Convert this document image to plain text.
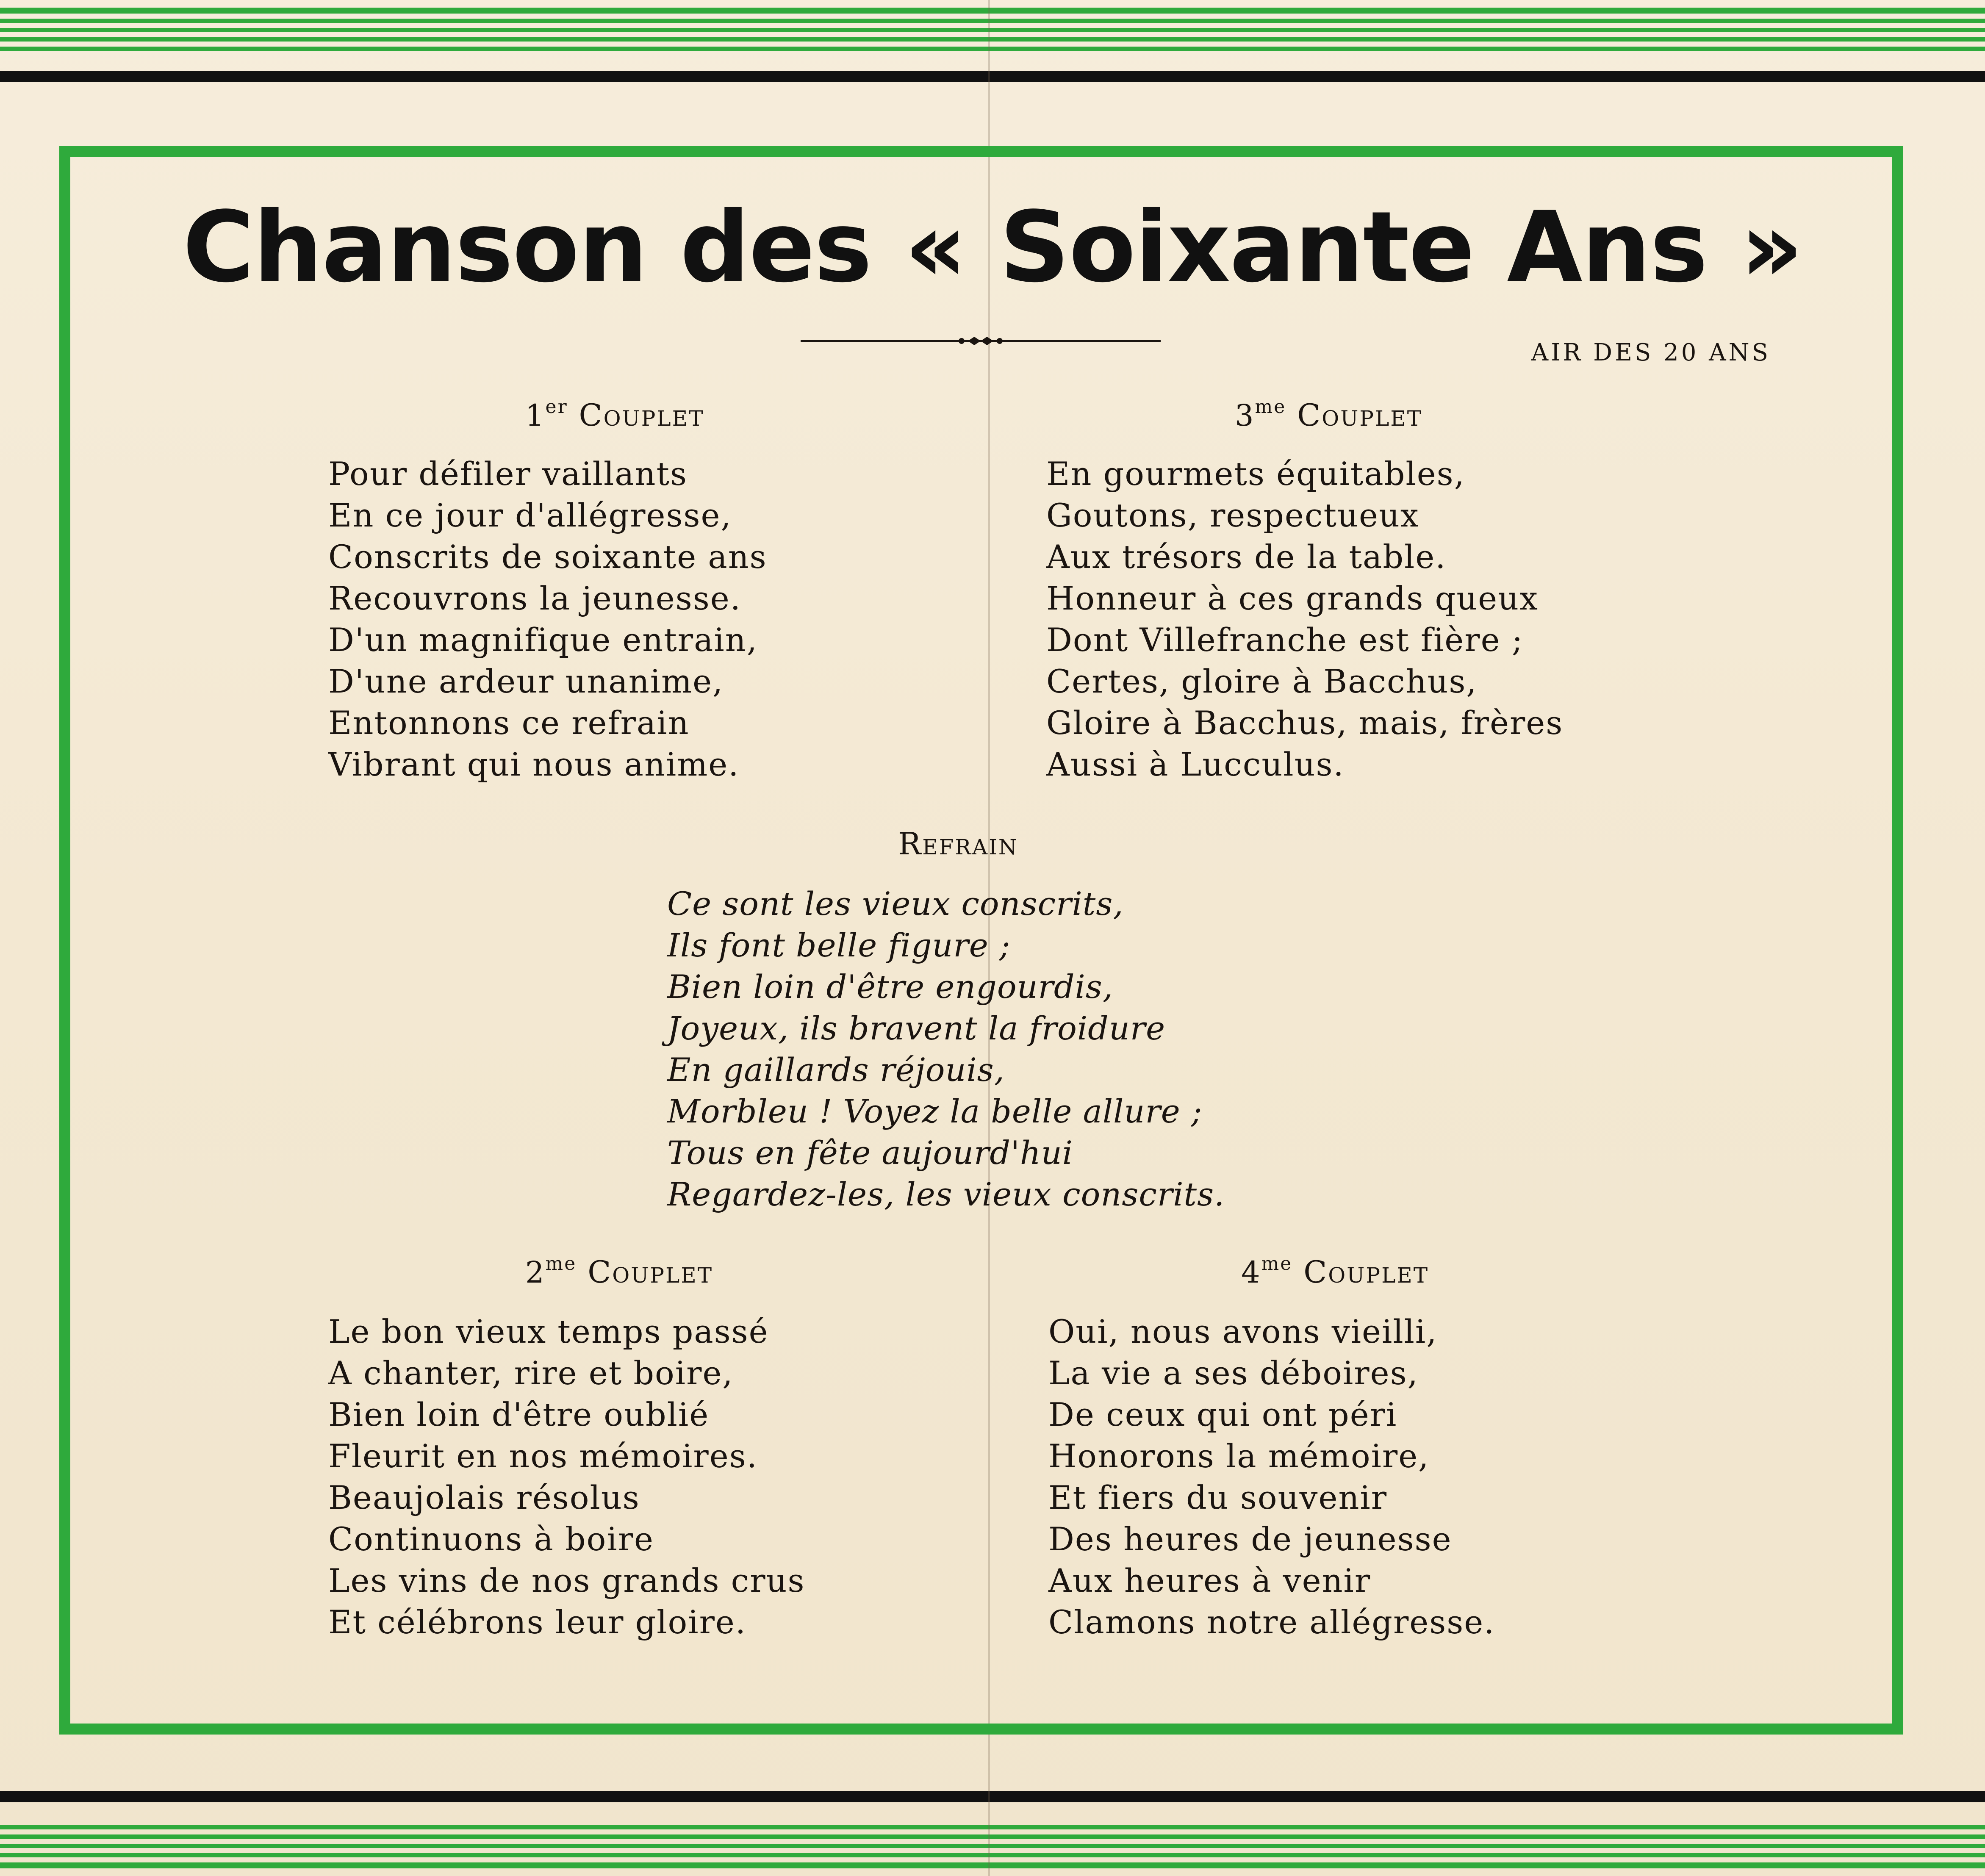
Chanson des « Soixante Ans »
AIR DES 20 ANS
1er Couplet
Pour défiler vaillants
En ce jour d'allégresse,
Conscrits de soixante ans
Recouvrons la jeunesse.
D'un magnifique entrain,
D'une ardeur unanime,
Entonnons ce refrain
Vibrant qui nous anime.
$3^{me}$ Couplet
En gourmets équitables,
Goutons, respectueux
Aux trésors de la table.
Honneur à ces grands queux
Dont Villefranche est fière ;
Certes, gloire à Bacchus,
Gloire à Bacchus, mais, frères
Aussi à Lucculus.
Refrain
Ce sont les vieux conscrits,
Ils font belle figure ;
Bien loin d'être engourdis,
Joyeux, ils bravent la froidure
En gaillards réjouis,
Morbleu ! Voyez la belle allure ;
Tous en fête aujourd'hui
Regardez-les, les vieux conscrits.
$2^{me}$ Couplet
Le bon vieux temps passé
A chanter, rire et boire,
Bien loin d'être oublié
Fleurit en nos mémoires.
Beaujolais résolus
Continuons à boire
Les vins de nos grands crus
Et célébrons leur gloire.
$4^{me}$ Couplet
Oui, nous avons vieilli,
La vie a ses déboires,
De ceux qui ont péri
Honorons la mémoire,
Et fiers du souvenir
Des heures de jeunesse
Aux heures à venir
Clamons notre allégresse.
